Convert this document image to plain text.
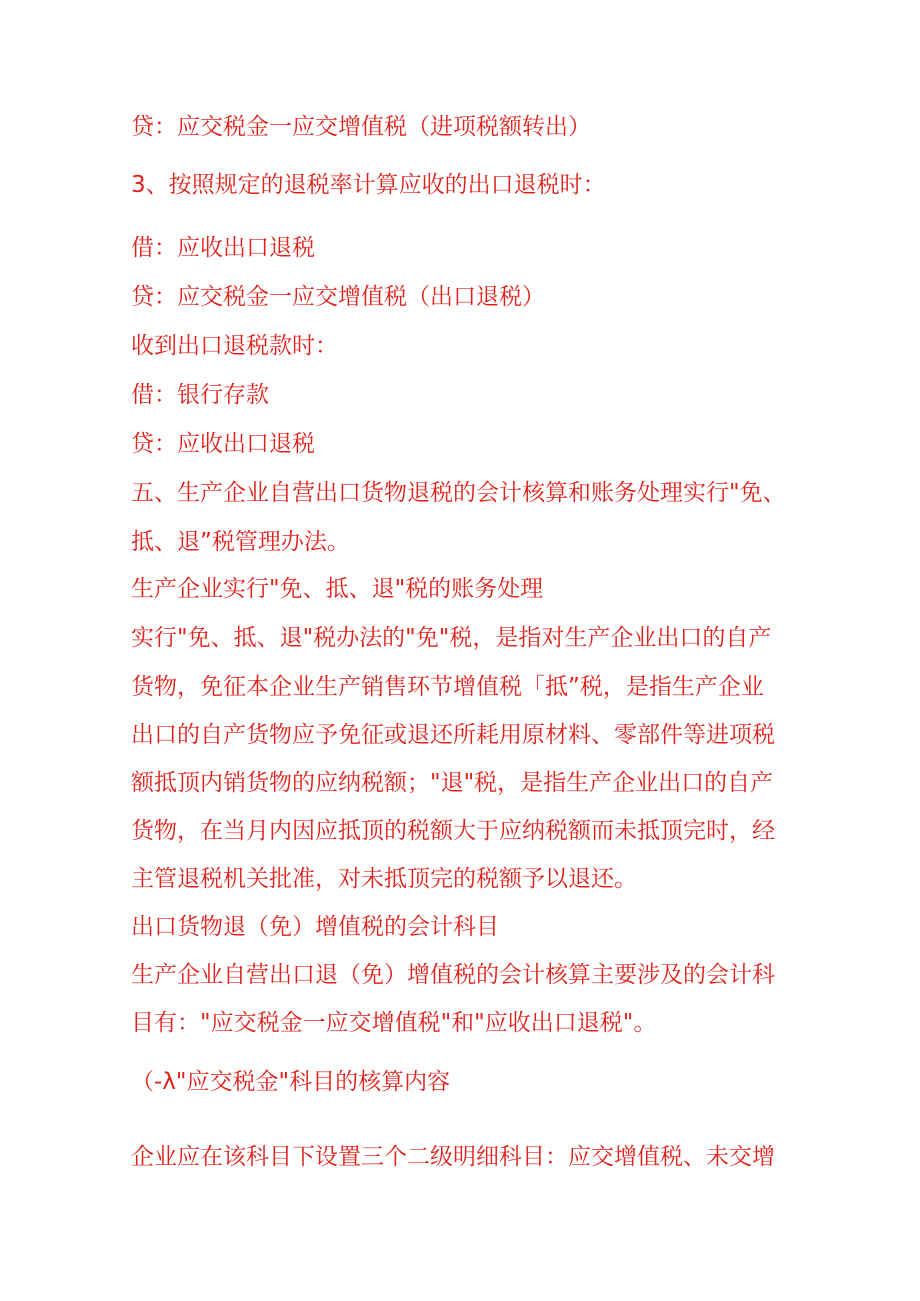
贷：应交税金一应交增值税（进项税额转出）

3、按照规定的退税率计算应收的出口退税时：

借：应收出口退税

贷：应交税金一应交增值税（出口退税）

收到出口退税款时：

借：银行存款

贷：应收出口退税

五、生产企业自营出口货物退税的会计核算和账务处理实行"免、

抵、退”税管理办法。

生产企业实行"免、抵、退"税的账务处理

实行"免、抵、退"税办法的"免"税，是指对生产企业出口的自产

货物，免征本企业生产销售环节增值税「抵”税，是指生产企业

出口的自产货物应予免征或退还所耗用原材料、零部件等进项税

额抵顶内销货物的应纳税额；"退"税，是指生产企业出口的自产

货物，在当月内因应抵顶的税额大于应纳税额而未抵顶完时，经

主管退税机关批准，对未抵顶完的税额予以退还。

出口货物退（免）增值税的会计科目

生产企业自营出口退（免）增值税的会计核算主要涉及的会计科

目有："应交税金一应交增值税"和"应收出口退税"。

（-λ"应交税金"科目的核算内容

企业应在该科目下设置三个二级明细科目：应交增值税、未交增
